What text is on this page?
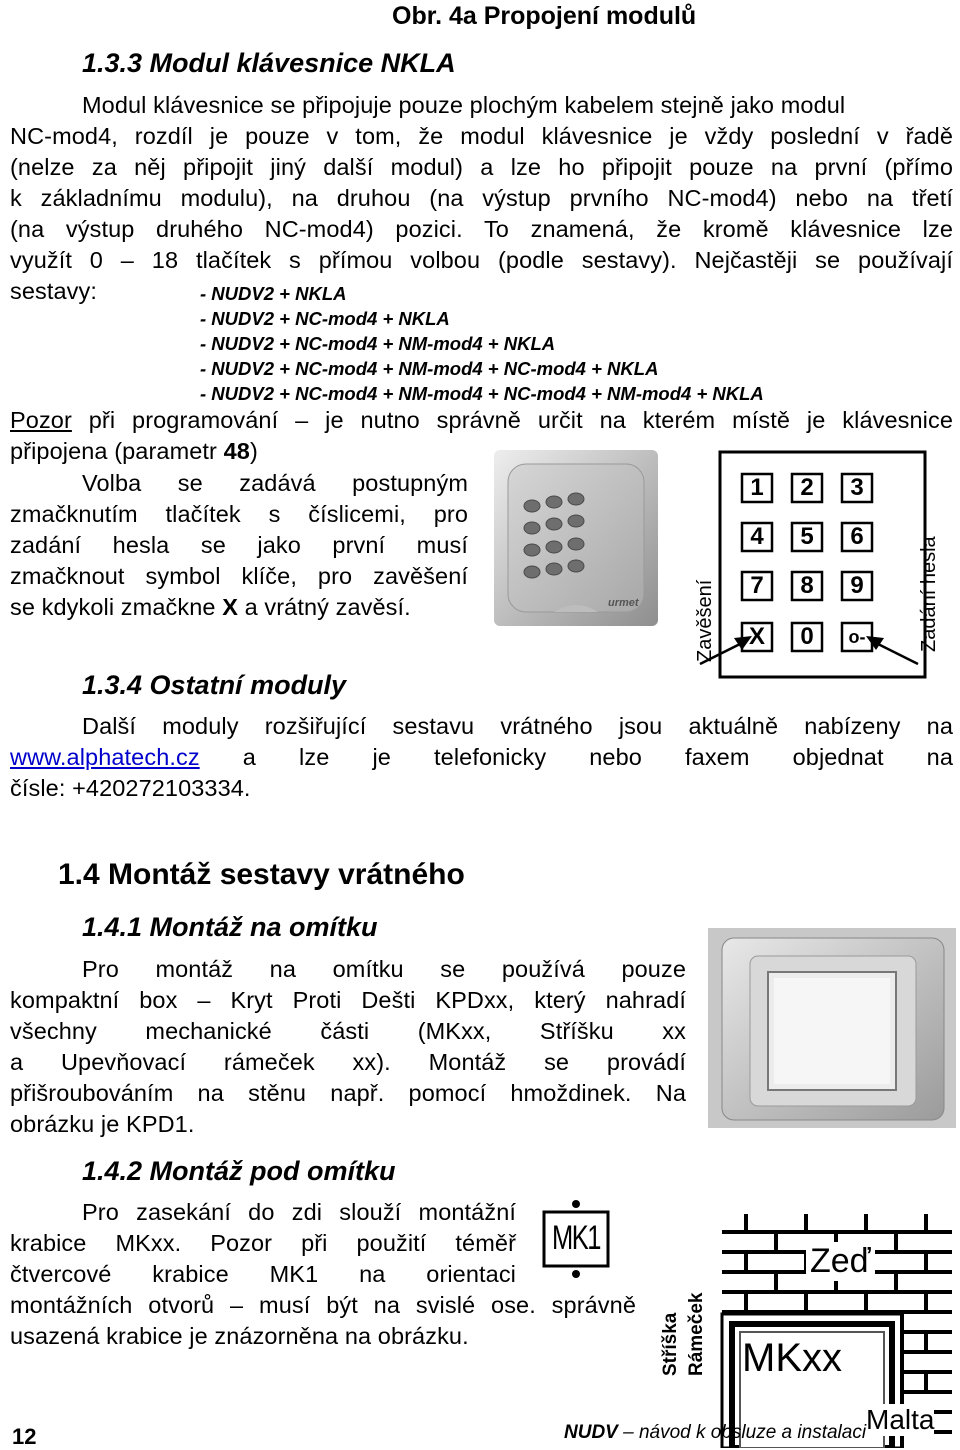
Obr. 4a Propojení modulů
1.3.3 Modul klávesnice NKLA
Modul klávesnice se připojuje pouze plochým kabelem stejně jako modul
NC-mod4, rozdíl je pouze v tom, že modul klávesnice je vždy poslední v řadě
(nelze za něj připojit jiný další modul) a lze ho připojit pouze na první (přímo
k základnímu modulu), na druhou (na výstup prvního NC-mod4) nebo na třetí
(na výstup druhého NC-mod4) pozici. To znamená, že kromě klávesnice lze
využít 0 – 18 tlačítek s přímou volbou (podle sestavy). Nejčastěji se používají
sestavy:	- NUDV2 + NKLA
- NUDV2 + NC-mod4 + NKLA
- NUDV2 + NC-mod4 + NM-mod4 + NKLA
- NUDV2 + NC-mod4 + NM-mod4 + NC-mod4 + NKLA
- NUDV2 + NC-mod4 + NM-mod4 + NC-mod4 + NM-mod4 + NKLA
Pozor při programování – je nutno správně určit na kterém místě je klávesnice
připojena (parametr 48)
Volba se zadává postupným
zmačknutím tlačítek s číslicemi, pro
zadání hesla se jako první musí
zmačknout symbol klíče, pro zavěšení
se kdykoli zmačkne X a vrátný zavěsí.	urmet
1	2	3
4	5	6
7	8	9
X	0	o-
Zavěšení	Zadání hesla
1.3.4 Ostatní moduly
Další moduly rozšiřující sestavu vrátného jsou aktuálně nabízeny na
www.alphatech.cz a lze je telefonicky nebo faxem objednat na
čísle: +420272103334.
1.4 Montáž sestavy vrátného
1.4.1 Montáž na omítku
Pro montáž na omítku se používá pouze
kompaktní box – Kryt Proti Dešti KPDxx, který nahradí
všechny mechanické části (MKxx, Stříšku xx
a Upevňovací rámeček xx). Montáž se provádí
přišroubováním na stěnu např. pomocí hmoždinek. Na
obrázku je KPD1.
1.4.2 Montáž pod omítku
Pro zasekání do zdi slouží montážní
krabice MKxx. Pozor při použití téměř
čtvercové krabice MK1 na orientaci
montážních otvorů – musí být na svislé ose. správně
usazená krabice je znázorněna na obrázku.
MK1
Zeď
MKxx
Stříška Rámeček
Malta
12	NUDV – návod k obsluze a instalaci
